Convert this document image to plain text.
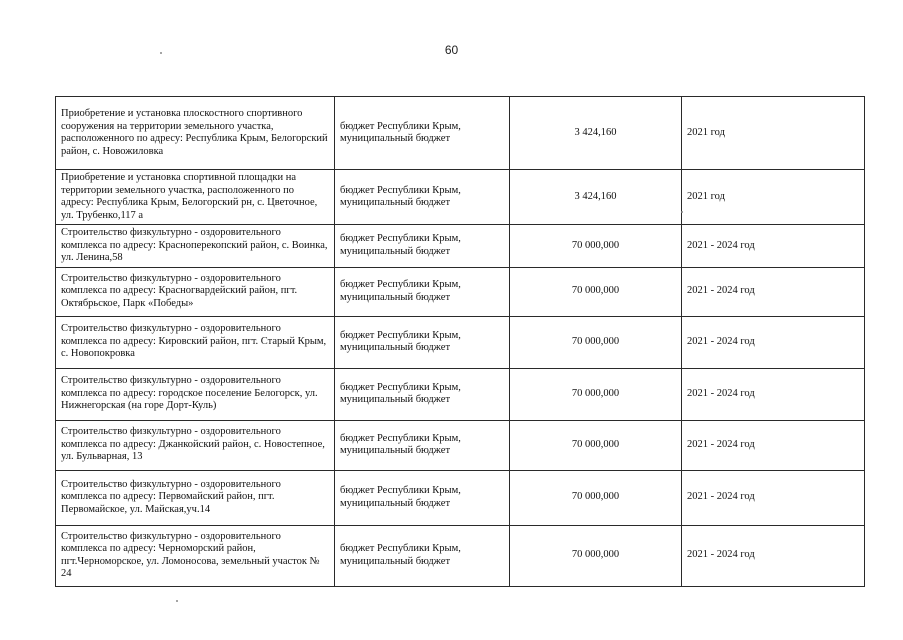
60
Приобретение и установка плоскостного спортивного сооружения на территории земельного участка, расположенного по адресу: Республика Крым, Белогорский район, с. Новожиловка	бюджет Республики Крым, муниципальный бюджет	3 424,160	2021 год
Приобретение и установка спортивной площадки на территории земельного участка, расположенного по адресу: Республика Крым, Белогорский рн, с. Цветочное, ул. Трубенко,117 а	бюджет Республики Крым, муниципальный бюджет	3 424,160	2021 год
Строительство физкультурно - оздоровительного комплекса по адресу: Красноперекопский район, с. Воинка, ул. Ленина,58	бюджет Республики Крым, муниципальный бюджет	70 000,000	2021 - 2024 год
Строительство физкультурно - оздоровительного комплекса по адресу: Красногвардейский район, пгт. Октябрьское, Парк «Победы»	бюджет Республики Крым, муниципальный бюджет	70 000,000	2021 - 2024 год
Строительство физкультурно - оздоровительного комплекса по адресу: Кировский район, пгт. Старый Крым, с. Новопокровка	бюджет Республики Крым, муниципальный бюджет	70 000,000	2021 - 2024 год
Строительство физкультурно - оздоровительного комплекса по адресу: городское поселение Белогорск, ул. Нижнегорская (на горе Дорт-Куль)	бюджет Республики Крым, муниципальный бюджет	70 000,000	2021 - 2024 год
Строительство физкультурно - оздоровительного комплекса по адресу: Джанкойский район, с. Новостепное, ул. Бульварная, 13	бюджет Республики Крым, муниципальный бюджет	70 000,000	2021 - 2024 год
Строительство физкультурно - оздоровительного комплекса по адресу: Первомайский район, пгт. Первомайское, ул. Майская,уч.14	бюджет Республики Крым, муниципальный бюджет	70 000,000	2021 - 2024 год
Строительство физкультурно - оздоровительного комплекса по адресу: Черноморский район, пгт.Черноморское, ул. Ломоносова, земельный участок № 24	бюджет Республики Крым, муниципальный бюджет	70 000,000	2021 - 2024 год
